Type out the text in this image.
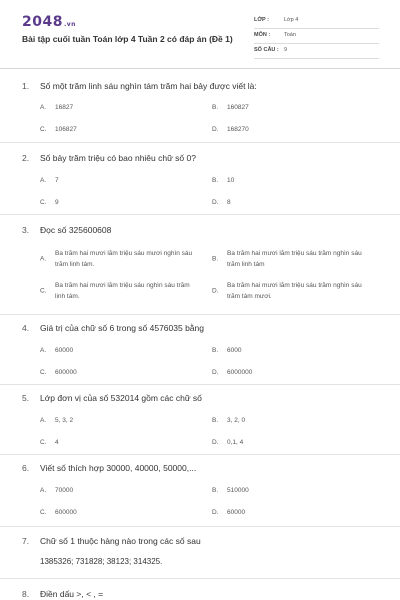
2048.vn
Bài tập cuối tuần Toán lớp 4 Tuần 2 có đáp án (Đề 1)
LỚP :	Lớp 4
MÔN :	Toán
SỐ CÂU : 9
1. Số một trăm linh sáu nghìn tám trăm hai bảy được viết là:
A. 16827	B. 160827
C. 106827	D. 168270
2. Số bảy trăm triệu có bao nhiêu chữ số 0?
A. 7	B. 10
C. 9	D. 8
3. Đọc số 325600608
A.
Ba trăm hai mươi lăm triệu sáu mươi nghìn sáu trăm linh tám.
B.
Ba trăm hai mươi lăm triệu sáu trăm nghìn sáu trăm linh tám
C.
Ba trăm hai mươi lăm triệu sáu nghìn sáu trăm linh tám.
D.
Ba trăm hai mươi lăm triệu sáu trăm nghìn sáu trăm tám mươi.
4. Giá trị của chữ số 6 trong số 4576035 bằng
A. 60000	B. 6000
C. 600000	D. 6000000
5. Lớp đơn vị của số 532014 gồm các chữ số
A. 5, 3, 2	B. 3, 2, 0
C. 4	D. 0,1, 4
6. Viết số thích hợp 30000, 40000, 50000,...
A. 70000	B. 510000
C. 600000	D. 60000
7. Chữ số 1 thuộc hàng nào trong các số sau
1385326; 731828; 38123; 314325.
8. Điền dấu >, < , =
